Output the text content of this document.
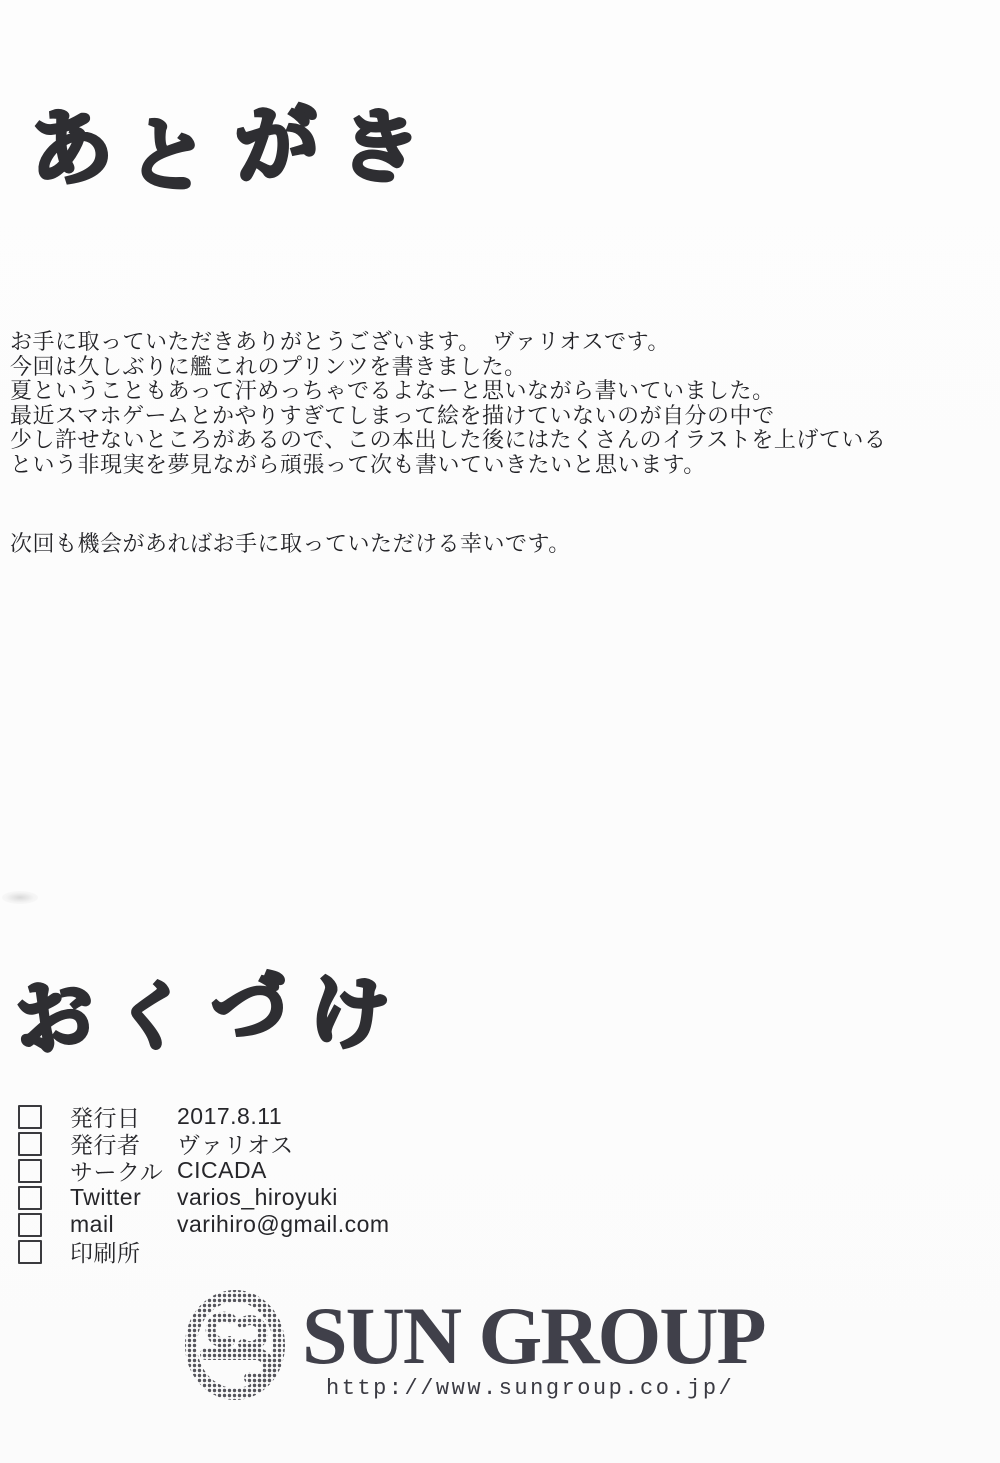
あ と が き
お手に取っていただきありがとうございます。　ヴァリオスです。
今回は久しぶりに艦これのプリンツを書きました。
夏ということもあって汗めっちゃでるよなーと思いながら書いていました。
最近スマホゲームとかやりすぎてしまって絵を描けていないのが自分の中で
少し許せないところがあるので、この本出した後にはたくさんのイラストを上げている
という非現実を夢見ながら頑張って次も書いていきたいと思います。
次回も機会があればお手に取っていただける幸いです。
お く づ け
発行日	2017.8.11
発行者	ヴァリオス
サークル CICADA
Twitter	varios_hiroyuki
mail	varihiro@gmail.com
印刷所
SUN GROUP
http://www.sungroup.co.jp/
